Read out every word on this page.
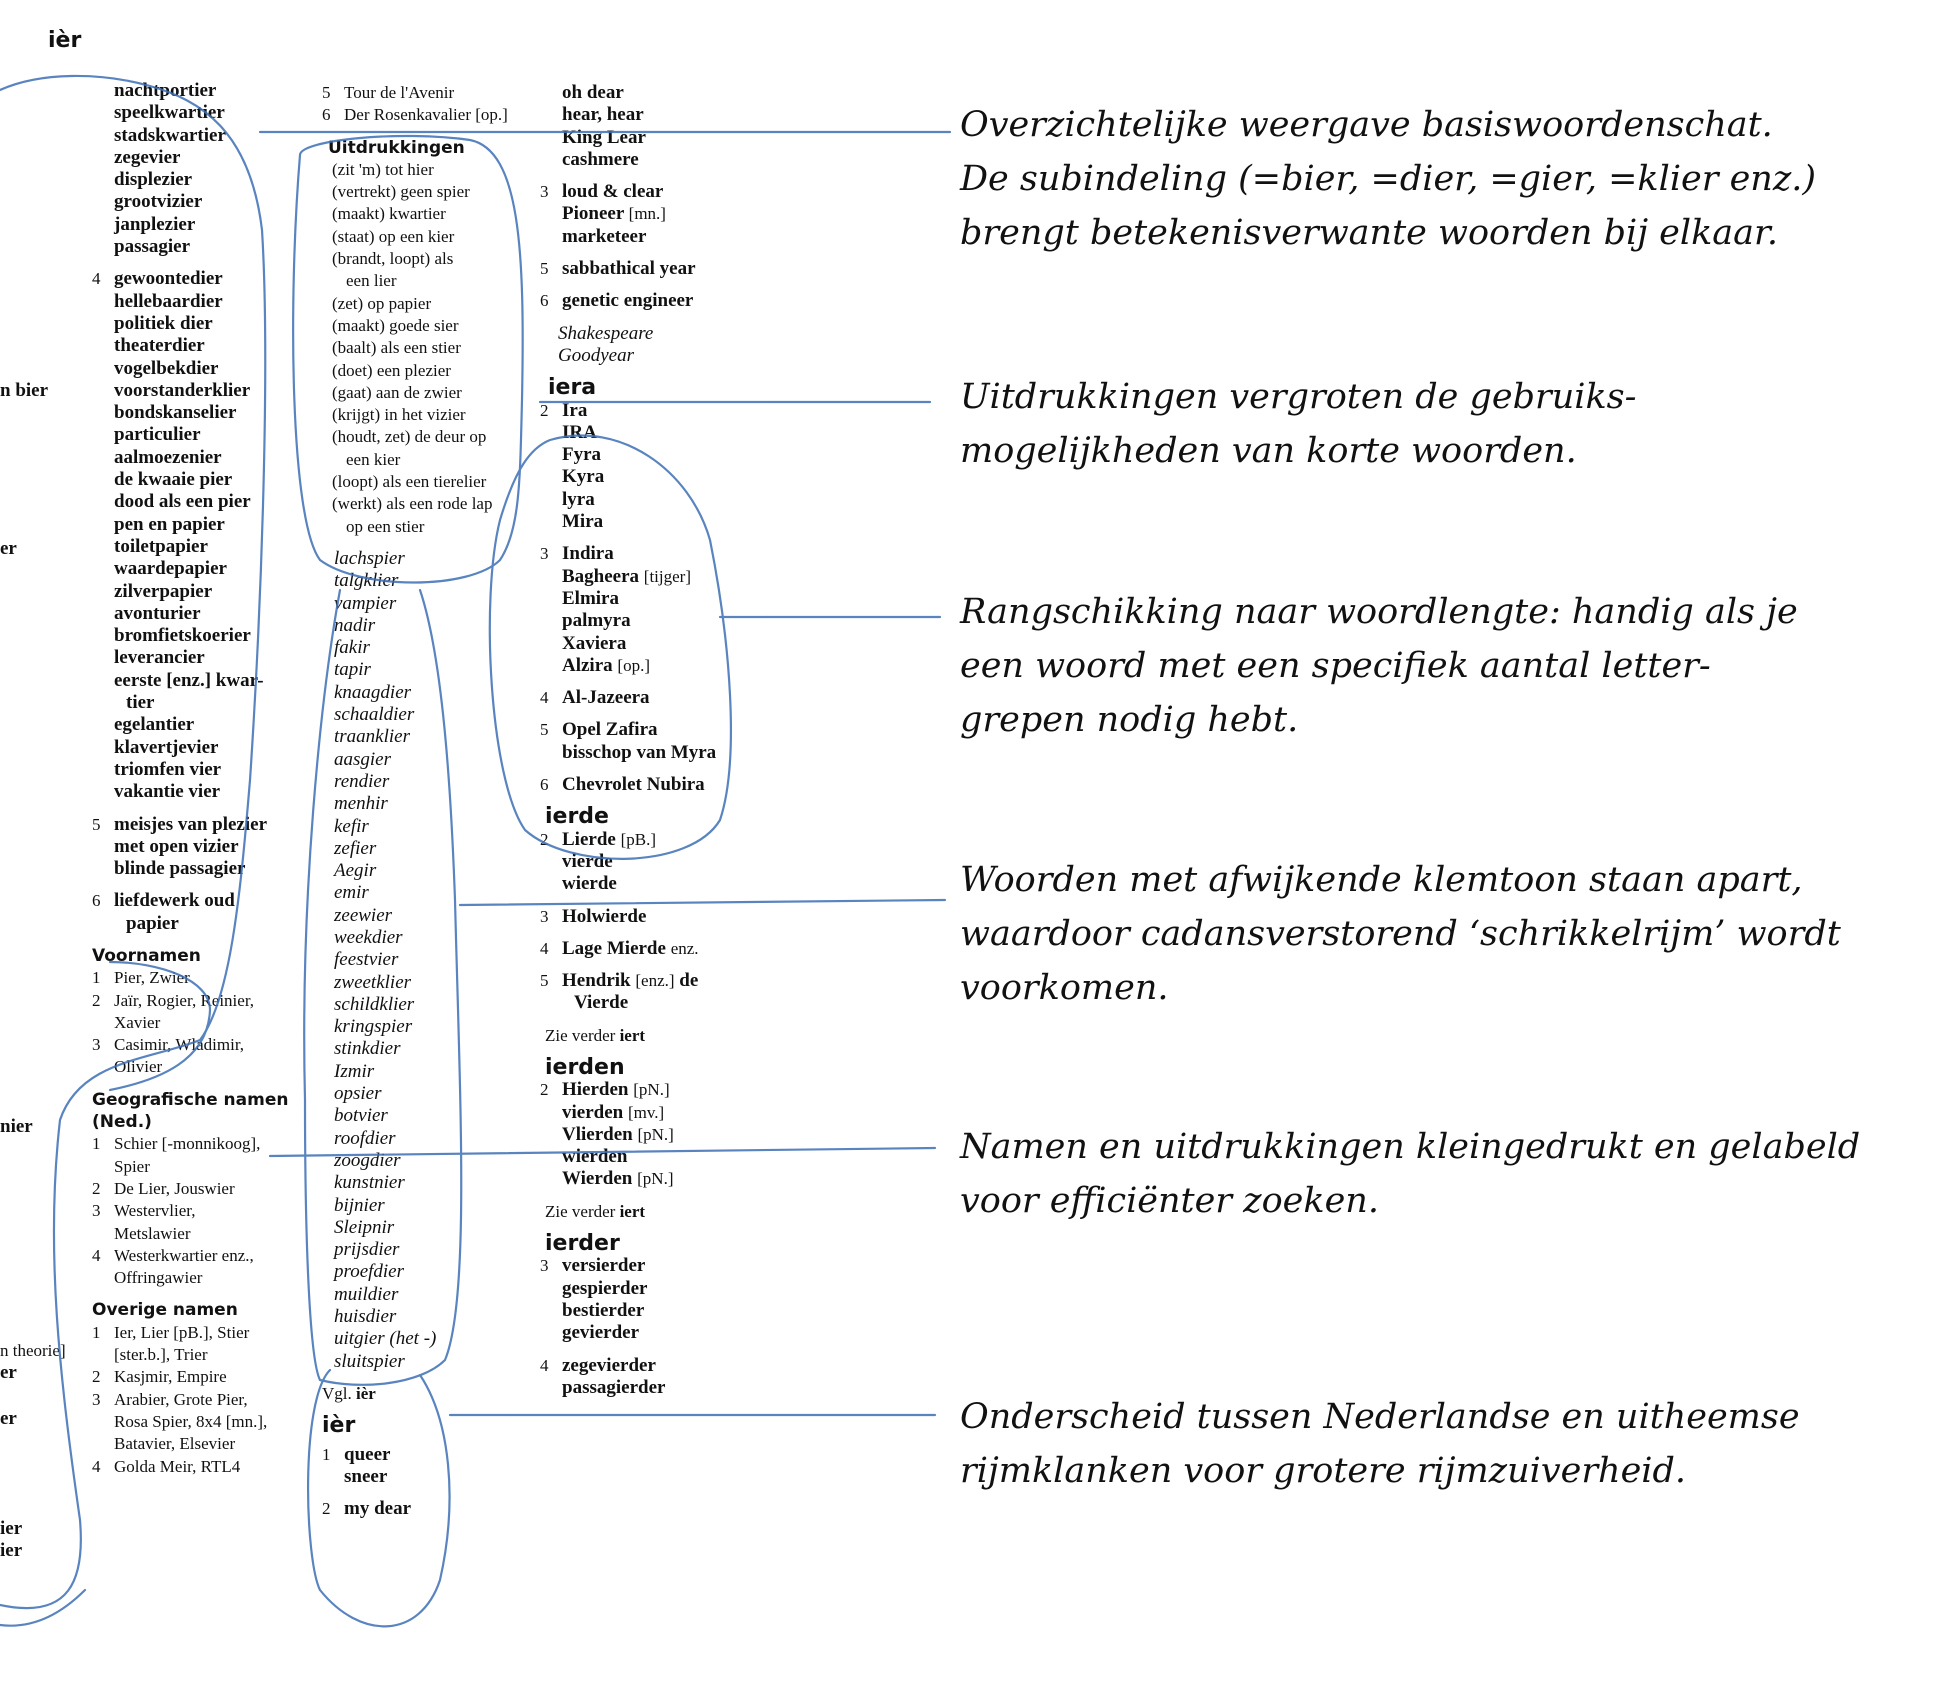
ièr
n bier
er
nier
n theorie]
er
er
ier
ier
nachtportier
speelkwartier
stadskwartier
zegevier
displezier
grootvizier
janplezier
passagier
4 gewoontedier
hellebaardier
politiek dier
theaterdier
vogelbekdier
voorstanderklier
bondskanselier
particulier
aalmoezenier
de kwaaie pier
dood als een pier
pen en papier
toiletpapier
waardepapier
zilverpapier
avonturier
bromfietskoerier
leverancier
eerste [enz.] kwar-
tier
egelantier
klavertjevier
triomfen vier
vakantie vier
5 meisjes van plezier
met open vizier
blinde passagier
6 liefdewerk oud
papier
Voornamen
1 Pier, Zwier
2 Jaïr, Rogier, Reinier,
Xavier
3 Casimir, Wladimir,
Olivier
Geografische namen
(Ned.)
1 Schier [-monnikoog],
Spier
2 De Lier, Jouswier
3 Westervlier,
Metslawier
4 Westerkwartier enz.,
Offringawier
Overige namen
1 Ier, Lier [pB.], Stier
[ster.b.], Trier
2 Kasjmir, Empire
3 Arabier, Grote Pier,
Rosa Spier, 8x4 [mn.],
Batavier, Elsevier
4 Golda Meir, RTL4
5 Tour de l'Avenir
6 Der Rosenkavalier [op.]
Uitdrukkingen
(zit 'm) tot hier
(vertrekt) geen spier
(maakt) kwartier
(staat) op een kier
(brandt, loopt) als
een lier
(zet) op papier
(maakt) goede sier
(baalt) als een stier
(doet) een plezier
(gaat) aan de zwier
(krijgt) in het vizier
(houdt, zet) de deur op
een kier
(loopt) als een tierelier
(werkt) als een rode lap
op een stier
lachspier
talgklier
vampier
nadir
fakir
tapir
knaagdier
schaaldier
traanklier
aasgier
rendier
menhir
kefir
zefier
Aegir
emir
zeewier
weekdier
feestvier
zweetklier
schildklier
kringspier
stinkdier
Izmir
opsier
botvier
roofdier
zoogdier
kunstnier
bijnier
Sleipnir
prijsdier
proefdier
muildier
huisdier
uitgier (het -)
sluitspier
Vgl. ièr
ièr
1 queer
sneer
2 my dear
oh dear
hear, hear
King Lear
cashmere
3 loud & clear
Pioneer [mn.]
marketeer
5 sabbathical year
6 genetic engineer
Shakespeare
Goodyear
iera
2 Ira
IRA
Fyra
Kyra
lyra
Mira
3 Indira
Bagheera [tijger]
Elmira
palmyra
Xaviera
Alzira [op.]
4 Al-Jazeera
5 Opel Zafira
bisschop van Myra
6 Chevrolet Nubira
ierde
2 Lierde [pB.]
vierde
wierde
3 Holwierde
4 Lage Mierde enz.
5 Hendrik [enz.] de
Vierde
Zie verder iert
ierden
2 Hierden [pN.]
vierden [mv.]
Vlierden [pN.]
wierden
Wierden [pN.]
Zie verder iert
ierder
3 versierder
gespierder
bestierder
gevierder
4 zegevierder
passagierder
Overzichtelijke weergave basiswoordenschat.
De subindeling (=bier, =dier, =gier, =klier enz.)
brengt betekenisverwante woorden bij elkaar.
Uitdrukkingen vergroten de gebruiks-
mogelijkheden van korte woorden.
Rangschikking naar woordlengte: handig als je
een woord met een specifiek aantal letter-
grepen nodig hebt.
Woorden met afwijkende klemtoon staan apart,
waardoor cadansverstorend ‘schrikkelrijm’ wordt
voorkomen.
Namen en uitdrukkingen kleingedrukt en gelabeld
voor efficiënter zoeken.
Onderscheid tussen Nederlandse en uitheemse
rijmklanken voor grotere rijmzuiverheid.
